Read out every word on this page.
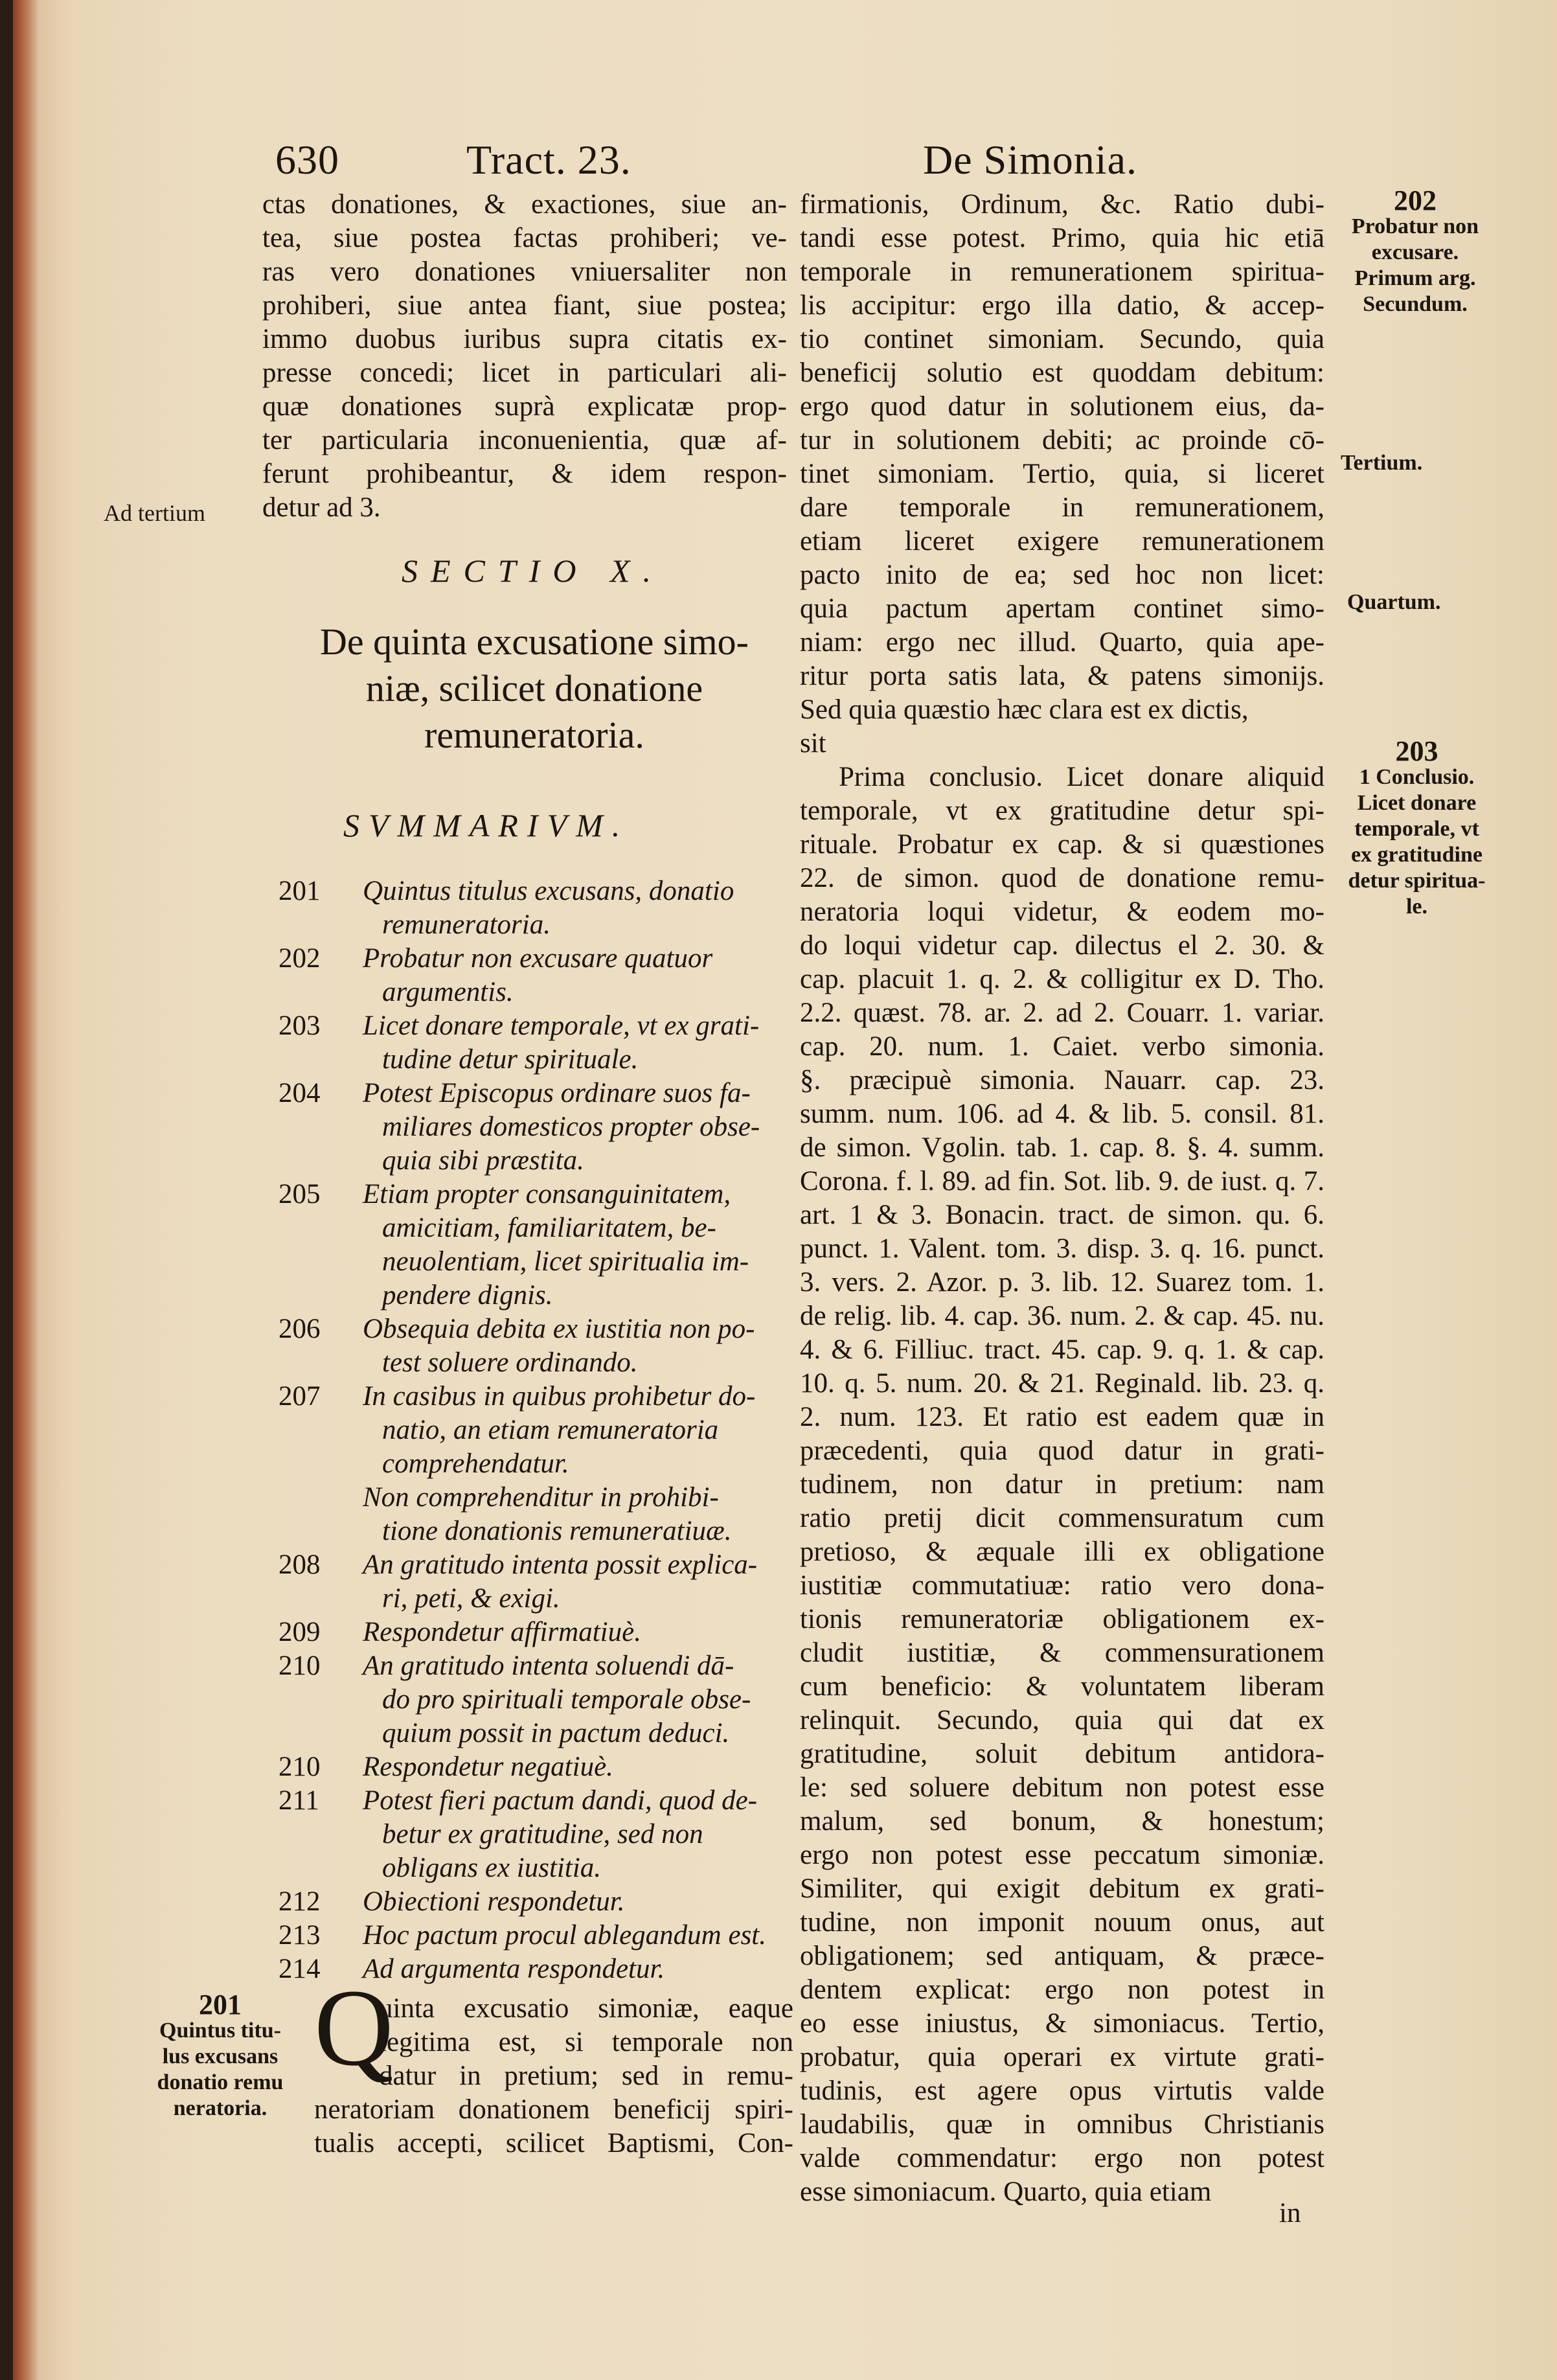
630	Tract. 23.	De Simonia.
ctas donationes, & exactiones, siue an-
tea, siue postea factas prohiberi; ve-
ras vero donationes vniuersaliter non
prohiberi, siue antea fiant, siue postea;
immo duobus iuribus supra citatis ex-
presse concedi; licet in particulari ali-
quæ donationes suprà explicatæ prop-
ter particularia inconuenientia, quæ af-
ferunt prohibeantur, & idem respon-
detur ad 3.
Ad tertium
SECTIO X.
De quinta excusatione simo-
niæ, scilicet donatione
remuneratoria.
SVMMARIVM.
201 Quintus titulus excusans, donatio
remuneratoria.
202 Probatur non excusare quatuor
argumentis.
203 Licet donare temporale, vt ex grati-
tudine detur spirituale.
204 Potest Episcopus ordinare suos fa-
miliares domesticos propter obse-
quia sibi præstita.
205 Etiam propter consanguinitatem,
amicitiam, familiaritatem, be-
neuolentiam, licet spiritualia im-
pendere dignis.
206 Obsequia debita ex iustitia non po-
test soluere ordinando.
207 In casibus in quibus prohibetur do-
natio, an etiam remuneratoria
comprehendatur.
Non comprehenditur in prohibi-
tione donationis remuneratiuæ.
208 An gratitudo intenta possit explica-
ri, peti, & exigi.
209 Respondetur affirmatiuè.
210 An gratitudo intenta soluendi dā-
do pro spirituali temporale obse-
quium possit in pactum deduci.
210 Respondetur negatiuè.
211 Potest fieri pactum dandi, quod de-
betur ex gratitudine, sed non
obligans ex iustitia.
212 Obiectioni respondetur.
213 Hoc pactum procul ablegandum est.
214 Ad argumenta respondetur.
201
Quintus titu-
lus excusans
donatio remu
neratoria.
Q
uinta excusatio simoniæ, eaque
legitima est, si temporale non
datur in pretium; sed in remu-
neratoriam donationem beneficij spiri-
tualis accepti, scilicet Baptismi, Con-
firmationis, Ordinum, &c. Ratio dubi-
tandi esse potest. Primo, quia hic etiā
temporale in remunerationem spiritua-
lis accipitur: ergo illa datio, & accep-
tio continet simoniam. Secundo, quia
beneficij solutio est quoddam debitum:
ergo quod datur in solutionem eius, da-
tur in solutionem debiti; ac proinde cō-
tinet simoniam. Tertio, quia, si liceret
dare temporale in remunerationem,
etiam liceret exigere remunerationem
pacto inito de ea; sed hoc non licet:
quia pactum apertam continet simo-
niam: ergo nec illud. Quarto, quia ape-
ritur porta satis lata, & patens simonijs.
Sed quia quæstio hæc clara est ex dictis,
sit
Prima conclusio. Licet donare aliquid
temporale, vt ex gratitudine detur spi-
rituale. Probatur ex cap. & si quæstiones
22. de simon. quod de donatione remu-
neratoria loqui videtur, & eodem mo-
do loqui videtur cap. dilectus el 2. 30. &
cap. placuit 1. q. 2. & colligitur ex D. Tho.
2.2. quæst. 78. ar. 2. ad 2. Couarr. 1. variar.
cap. 20. num. 1. Caiet. verbo simonia.
§. præcipuè simonia. Nauarr. cap. 23.
summ. num. 106. ad 4. & lib. 5. consil. 81.
de simon. Vgolin. tab. 1. cap. 8. §. 4. summ.
Corona. f. l. 89. ad fin. Sot. lib. 9. de iust. q. 7.
art. 1 & 3. Bonacin. tract. de simon. qu. 6.
punct. 1. Valent. tom. 3. disp. 3. q. 16. punct.
3. vers. 2. Azor. p. 3. lib. 12. Suarez tom. 1.
de relig. lib. 4. cap. 36. num. 2. & cap. 45. nu.
4. & 6. Filliuc. tract. 45. cap. 9. q. 1. & cap.
10. q. 5. num. 20. & 21. Reginald. lib. 23. q.
2. num. 123. Et ratio est eadem quæ in
præcedenti, quia quod datur in grati-
tudinem, non datur in pretium: nam
ratio pretij dicit commensuratum cum
pretioso, & æquale illi ex obligatione
iustitiæ commutatiuæ: ratio vero dona-
tionis remuneratoriæ obligationem ex-
cludit iustitiæ, & commensurationem
cum beneficio: & voluntatem liberam
relinquit. Secundo, quia qui dat ex
gratitudine, soluit debitum antidora-
le: sed soluere debitum non potest esse
malum, sed bonum, & honestum;
ergo non potest esse peccatum simoniæ.
Similiter, qui exigit debitum ex grati-
tudine, non imponit nouum onus, aut
obligationem; sed antiquam, & præce-
dentem explicat: ergo non potest in
eo esse iniustus, & simoniacus. Tertio,
probatur, quia operari ex virtute grati-
tudinis, est agere opus virtutis valde
laudabilis, quæ in omnibus Christianis
valde commendatur: ergo non potest
esse simoniacum. Quarto, quia etiam
in
202
Probatur non
excusare.
Primum arg.
Secundum.
Tertium.
Quartum.
203
1 Conclusio.
Licet donare
temporale, vt
ex gratitudine
detur spiritua-
le.
